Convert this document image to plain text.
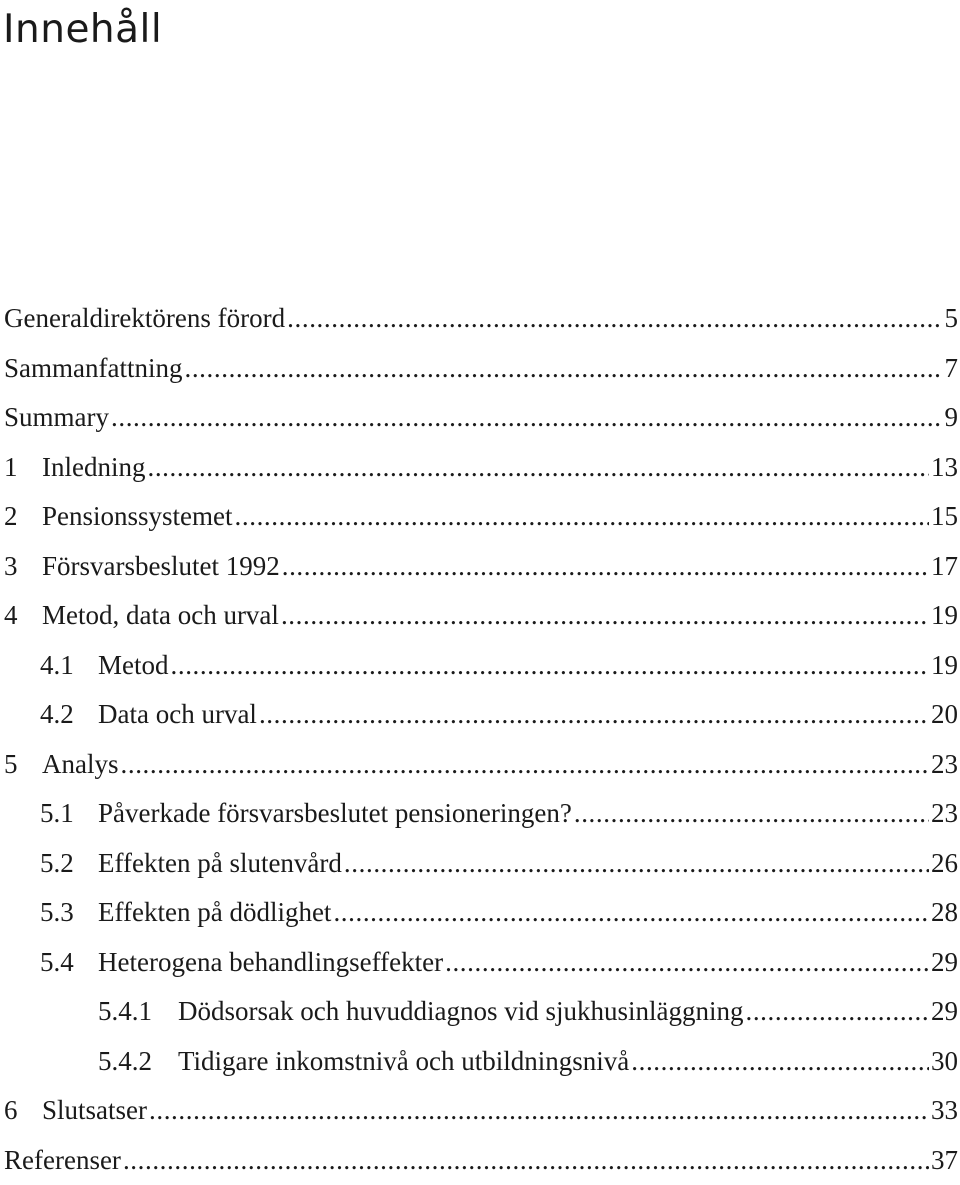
Innehåll
Generaldirektörens förord .....	5
Sammanfattning .....	7
Summary .....	9
1 Inledning .....	13
2 Pensionssystemet .....	15
3 Försvarsbeslutet 1992 .....	17
4 Metod, data och urval .....	19
4.1 Metod .....	19
4.2 Data och urval .....	20
5 Analys .....	23
5.1 Påverkade försvarsbeslutet pensioneringen? .....	23
5.2 Effekten på slutenvård .....	26
5.3 Effekten på dödlighet .....	28
5.4 Heterogena behandlingseffekter .....	29
5.4.1 Dödsorsak och huvuddiagnos vid sjukhusinläggning .....	29
5.4.2 Tidigare inkomstnivå och utbildningsnivå .....	30
6 Slutsatser .....	33
Referenser .....	37
